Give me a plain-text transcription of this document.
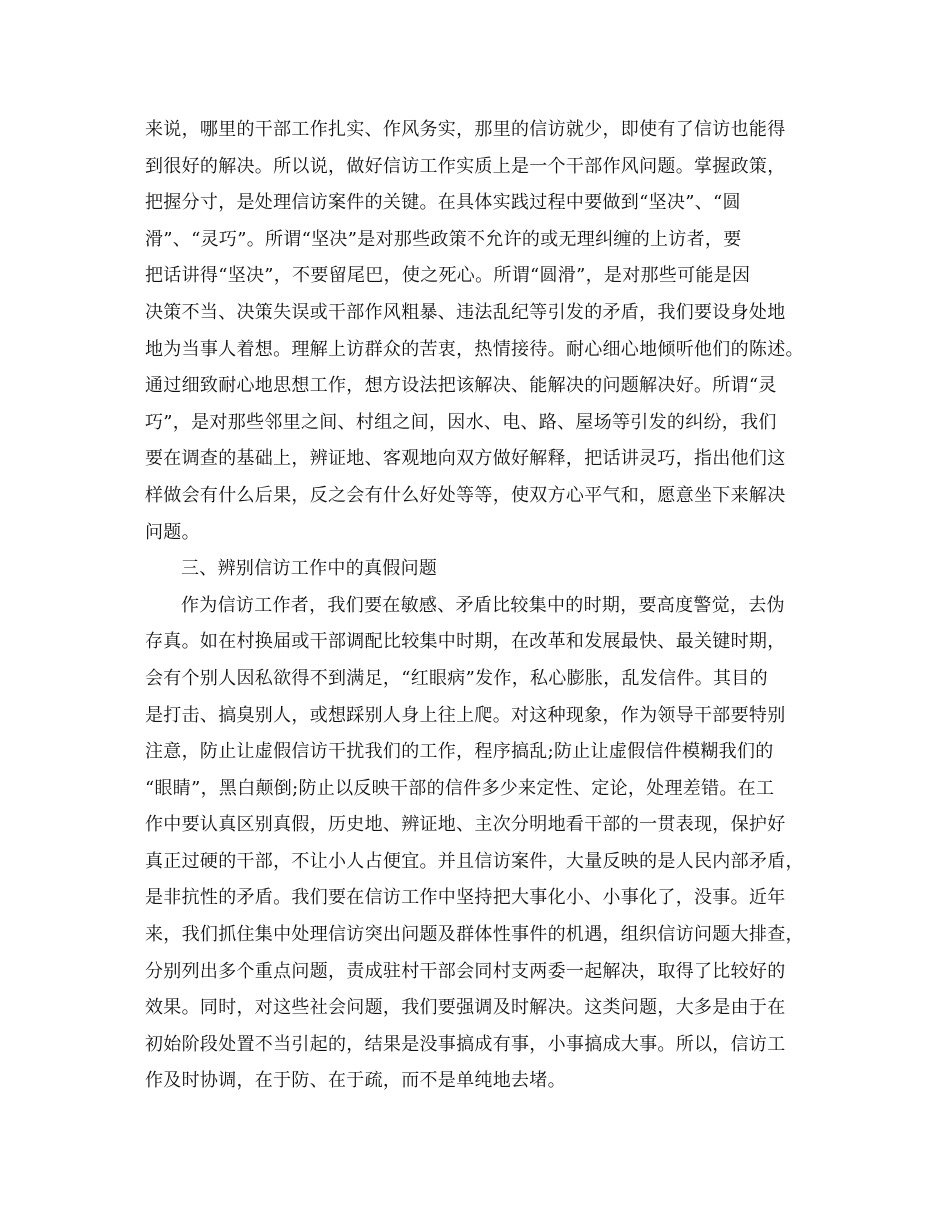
来说，哪里的干部工作扎实、作风务实，那里的信访就少，即使有了信访也能得
到很好的解决。所以说，做好信访工作实质上是一个干部作风问题。掌握政策，
把握分寸，是处理信访案件的关键。在具体实践过程中要做到“坚决”、“圆
滑”、“灵巧”。所谓“坚决”是对那些政策不允许的或无理纠缠的上访者，要
把话讲得“坚决”，不要留尾巴，使之死心。所谓“圆滑”，是对那些可能是因
决策不当、决策失误或干部作风粗暴、违法乱纪等引发的矛盾，我们要设身处地
地为当事人着想。理解上访群众的苦衷，热情接待。耐心细心地倾听他们的陈述。
通过细致耐心地思想工作，想方设法把该解决、能解决的问题解决好。所谓“灵
巧”，是对那些邻里之间、村组之间，因水、电、路、屋场等引发的纠纷，我们
要在调查的基础上，辨证地、客观地向双方做好解释，把话讲灵巧，指出他们这
样做会有什么后果，反之会有什么好处等等，使双方心平气和，愿意坐下来解决
问题。
三、辨别信访工作中的真假问题
作为信访工作者，我们要在敏感、矛盾比较集中的时期，要高度警觉，去伪
存真。如在村换届或干部调配比较集中时期，在改革和发展最快、最关键时期，
会有个别人因私欲得不到满足，“红眼病”发作，私心膨胀，乱发信件。其目的
是打击、搞臭别人，或想踩别人身上往上爬。对这种现象，作为领导干部要特别
注意，防止让虚假信访干扰我们的工作，程序搞乱;防止让虚假信件模糊我们的
“眼睛”，黑白颠倒;防止以反映干部的信件多少来定性、定论，处理差错。在工
作中要认真区别真假，历史地、辨证地、主次分明地看干部的一贯表现，保护好
真正过硬的干部，不让小人占便宜。并且信访案件，大量反映的是人民内部矛盾，
是非抗性的矛盾。我们要在信访工作中坚持把大事化小、小事化了，没事。近年
来，我们抓住集中处理信访突出问题及群体性事件的机遇，组织信访问题大排查，
分别列出多个重点问题，责成驻村干部会同村支两委一起解决，取得了比较好的
效果。同时，对这些社会问题，我们要强调及时解决。这类问题，大多是由于在
初始阶段处置不当引起的，结果是没事搞成有事，小事搞成大事。所以，信访工
作及时协调，在于防、在于疏，而不是单纯地去堵。
